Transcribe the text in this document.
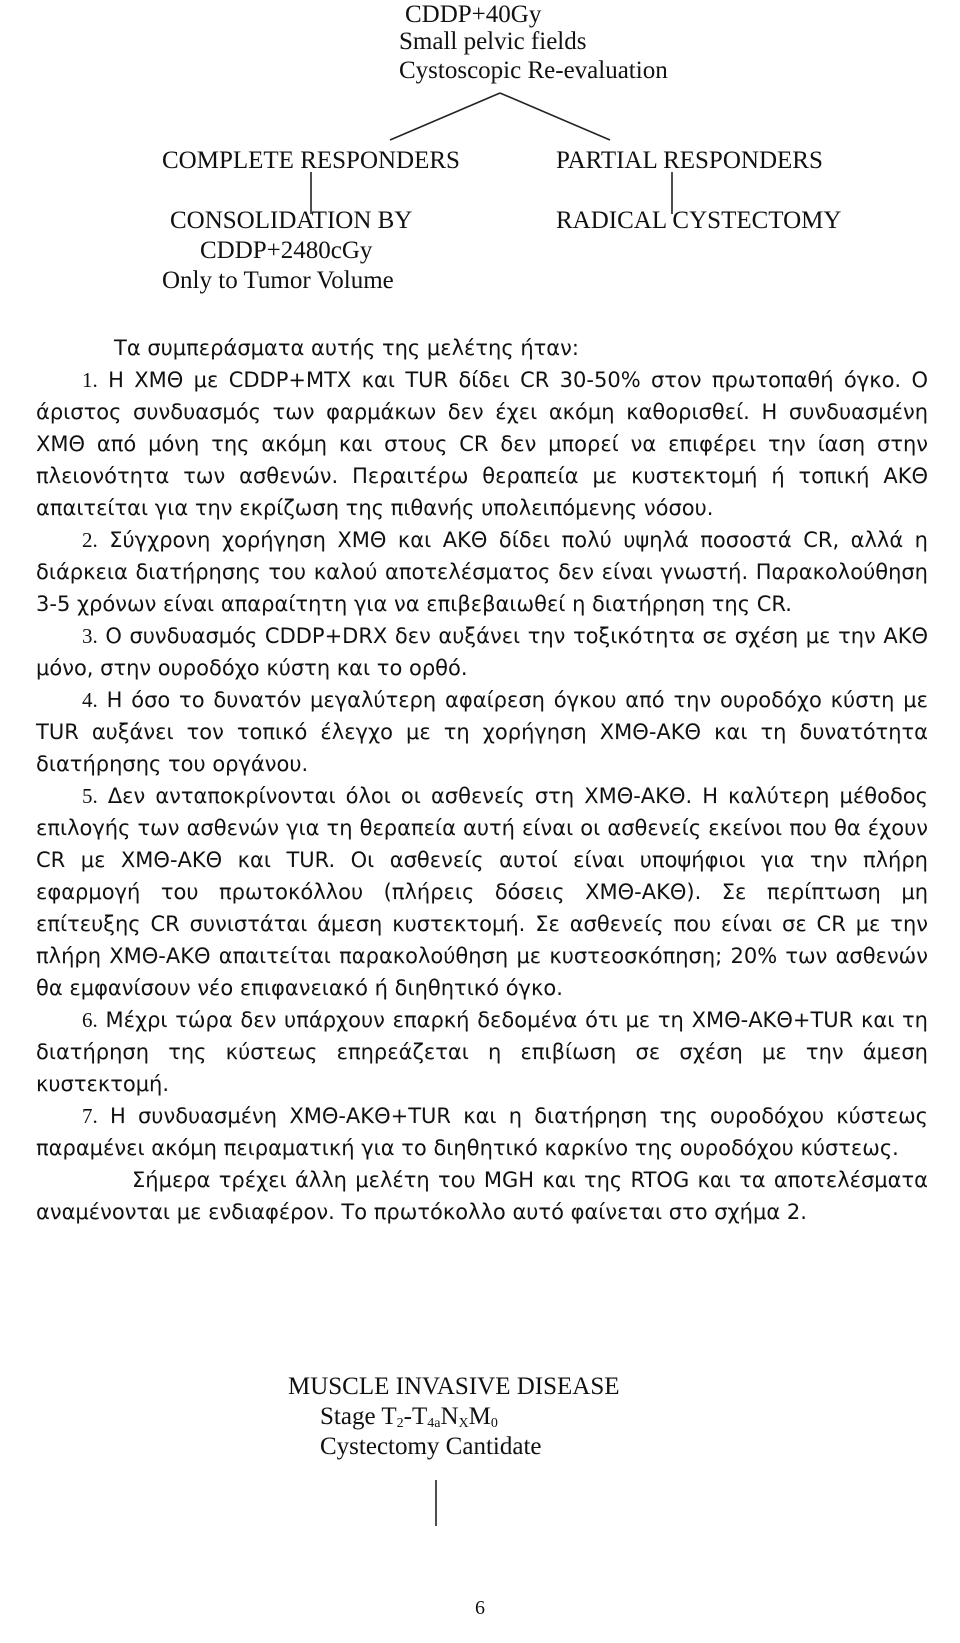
CDDP+40Gy
Small pelvic fields
Cystoscopic Re-evaluation
COMPLETE RESPONDERS
CONSOLIDATION BY
CDDP+2480cGy
Only to Tumor Volume
PARTIAL RESPONDERS
RADICAL CYSTECTOMY

Τα συμπεράσματα αυτής της μελέτης ήταν:

1. Η ΧΜΘ με CDDP+MTX και TUR δίδει CR 30-50% στον πρωτοπαθή όγκο. Ο άριστος συνδυασμός των φαρμάκων δεν έχει ακόμη καθορισθεί. Η συνδυασμένη ΧΜΘ από μόνη της ακόμη και στους CR δεν μπορεί να επιφέρει την ίαση στην πλειονότητα των ασθενών. Περαιτέρω θεραπεία με κυστεκτομή ή τοπική ΑΚΘ απαιτείται για την εκρίζωση της πιθανής υπολειπόμενης νόσου.

2. Σύγχρονη χορήγηση ΧΜΘ και ΑΚΘ δίδει πολύ υψηλά ποσοστά CR, αλλά η διάρκεια διατήρησης του καλού αποτελέσματος δεν είναι γνωστή. Παρακολούθηση 3-5 χρόνων είναι απαραίτητη για να επιβεβαιωθεί η διατήρηση της CR.

3. Ο συνδυασμός CDDP+DRX δεν αυξάνει την τοξικότητα σε σχέση με την ΑΚΘ μόνο, στην ουροδόχο κύστη και το ορθό.

4. Η όσο το δυνατόν μεγαλύτερη αφαίρεση όγκου από την ουροδόχο κύστη με TUR αυξάνει τον τοπικό έλεγχο με τη χορήγηση ΧΜΘ-ΑΚΘ και τη δυνατότητα διατήρησης του οργάνου.

5. Δεν ανταποκρίνονται όλοι οι ασθενείς στη ΧΜΘ-ΑΚΘ. Η καλύτερη μέθοδος επιλογής των ασθενών για τη θεραπεία αυτή είναι οι ασθενείς εκείνοι που θα έχουν CR με ΧΜΘ-ΑΚΘ και TUR. Οι ασθενείς αυτοί είναι υποψήφιοι για την πλήρη εφαρμογή του πρωτοκόλλου (πλήρεις δόσεις ΧΜΘ-ΑΚΘ). Σε περίπτωση μη επίτευξης CR συνιστάται άμεση κυστεκτομή. Σε ασθενείς που είναι σε CR με την πλήρη ΧΜΘ-ΑΚΘ απαιτείται παρακολούθηση με κυστεοσκόπηση; 20% των ασθενών θα εμφανίσουν νέο επιφανειακό ή διηθητικό όγκο.

6. Μέχρι τώρα δεν υπάρχουν επαρκή δεδομένα ότι με τη ΧΜΘ-ΑΚΘ+TUR και τη διατήρηση της κύστεως επηρεάζεται η επιβίωση σε σχέση με την άμεση κυστεκτομή.

7. Η συνδυασμένη ΧΜΘ-ΑΚΘ+TUR και η διατήρηση της ουροδόχου κύστεως παραμένει ακόμη πειραματική για το διηθητικό καρκίνο της ουροδόχου κύστεως.

Σήμερα τρέχει άλλη μελέτη του MGH και της RTOG και τα αποτελέσματα αναμένονται με ενδιαφέρον. Το πρωτόκολλο αυτό φαίνεται στο σχήμα 2.

MUSCLE INVASIVE DISEASE
Stage $T_2-T_{4a}N_XM_0$
Cystectomy Cantidate
6
